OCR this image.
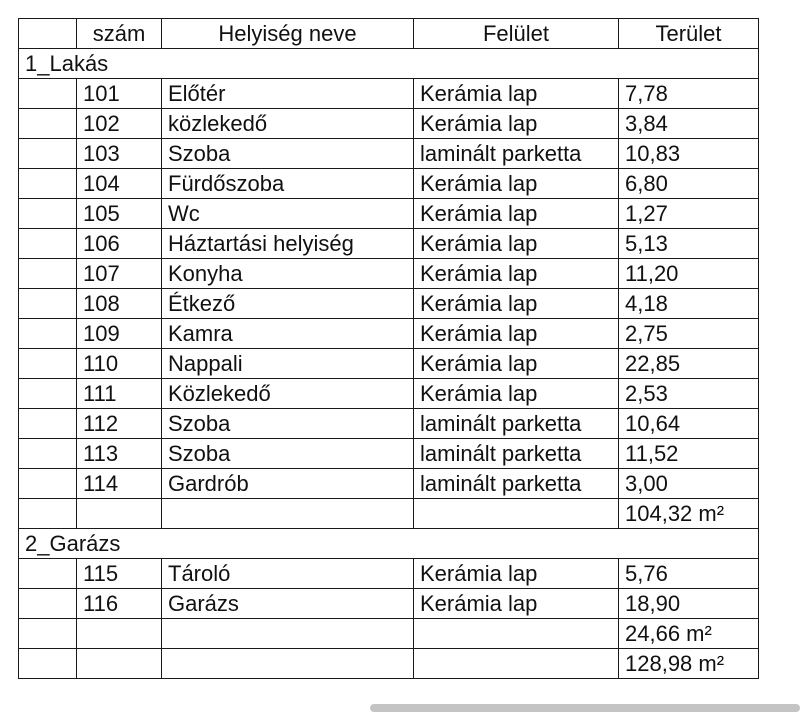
	szám	Helyiség neve	Felület	Terület
1_Lakás				
	101	Előtér	Kerámia lap	7,78
	102	közlekedő	Kerámia lap	3,84
	103	Szoba	laminált parketta	10,83
	104	Fürdőszoba	Kerámia lap	6,80
	105	Wc	Kerámia lap	1,27
	106	Háztartási helyiség	Kerámia lap	5,13
	107	Konyha	Kerámia lap	11,20
	108	Étkező	Kerámia lap	4,18
	109	Kamra	Kerámia lap	2,75
	110	Nappali	Kerámia lap	22,85
	111	Közlekedő	Kerámia lap	2,53
	112	Szoba	laminált parketta	10,64
	113	Szoba	laminált parketta	11,52
	114	Gardrób	laminált parketta	3,00
				104,32 m²
2_Garázs				
	115	Tároló	Kerámia lap	5,76
	116	Garázs	Kerámia lap	18,90
				24,66 m²
				128,98 m²
